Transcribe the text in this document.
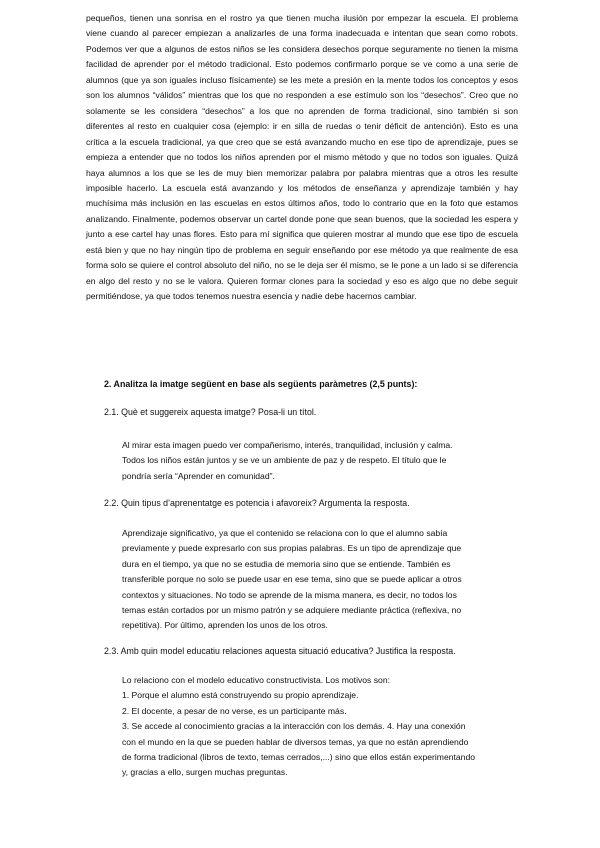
pequeños, tienen una sonrisa en el rostro ya que tienen mucha ilusión por empezar la escuela. El problema viene cuando al parecer empiezan a analizarles de una forma inadecuada e intentan que sean como robots. Podemos ver que a algunos de estos niños se les considera desechos porque seguramente no tienen la misma facilidad de aprender por el método tradicional. Esto podemos confirmarlo porque se ve como a una serie de alumnos (que ya son iguales incluso físicamente) se les mete a presión en la mente todos los conceptos y esos son los alumnos “válidos” mientras que los que no responden a ese estímulo son los “desechos”. Creo que no solamente se les considera “desechos” a los que no aprenden de forma tradicional, sino también si son diferentes al resto en cualquier cosa (ejemplo: ir en silla de ruedas o tenir déficit de antención). Esto es una crítica a la escuela tradicional, ya que creo que se está avanzando mucho en ese tipo de aprendizaje, pues se empieza a entender que no todos los niños aprenden por el mismo método y que no todos son iguales. Quizá haya alumnos a los que se les de muy bien memorizar palabra por palabra mientras que a otros les resulte imposible hacerlo. La escuela está avanzando y los métodos de enseñanza y aprendizaje también y hay muchísima más inclusión en las escuelas en estos últimos años, todo lo contrario que en la foto que estamos analizando. Finalmente, podemos observar un cartel donde pone que sean buenos, que la sociedad les espera y junto a ese cartel hay unas flores. Esto para mí significa que quieren mostrar al mundo que ese tipo de escuela está bien y que no hay ningún tipo de problema en seguir enseñando por ese método ya que realmente de esa forma solo se quiere el control absoluto del niño, no se le deja ser él mismo, se le pone a un lado si se diferencia en algo del resto y no se le valora. Quieren formar clones para la sociedad y eso es algo que no debe seguir permitiéndose, ya que todos tenemos nuestra esencia y nadie debe hacernos cambiar.

2. Analitza la imatge següent en base als següents paràmetres (2,5 punts):

2.1. Què et suggereix aquesta imatge? Posa-li un títol.

Al mirar esta imagen puedo ver compañerismo, interés, tranquilidad, inclusión y calma. Todos los niños están juntos y se ve un ambiente de paz y de respeto. El título que le pondría sería “Aprender en comunidad”.

2.2. Quin tipus d’aprenentatge es potencia i afavoreix? Argumenta la resposta.

Aprendizaje significativo, ya que el contenido se relaciona con lo que el alumno sabía previamente y puede expresarlo con sus propias palabras. Es un tipo de aprendizaje que dura en el tiempo, ya que no se estudia de memoria sino que se entiende. También es transferible porque no solo se puede usar en ese tema, sino que se puede aplicar a otros contextos y situaciones. No todo se aprende de la misma manera, es decir, no todos los temas están cortados por un mismo patrón y se adquiere mediante práctica (reflexiva, no repetitiva). Por último, aprenden los unos de los otros.

2.3. Amb quin model educatiu relaciones aquesta situació educativa? Justifica la resposta.

Lo relaciono con el modelo educativo constructivista. Los motivos son:
1. Porque el alumno está construyendo su propio aprendizaje.
2. El docente, a pesar de no verse, es un participante más.
3. Se accede al conocimiento gracias a la interacción con los demás. 4. Hay una conexión con el mundo en la que se pueden hablar de diversos temas, ya que no están aprendiendo de forma tradicional (libros de texto, temas cerrados,...) sino que ellos están experimentando y, gracias a ello, surgen muchas preguntas.
